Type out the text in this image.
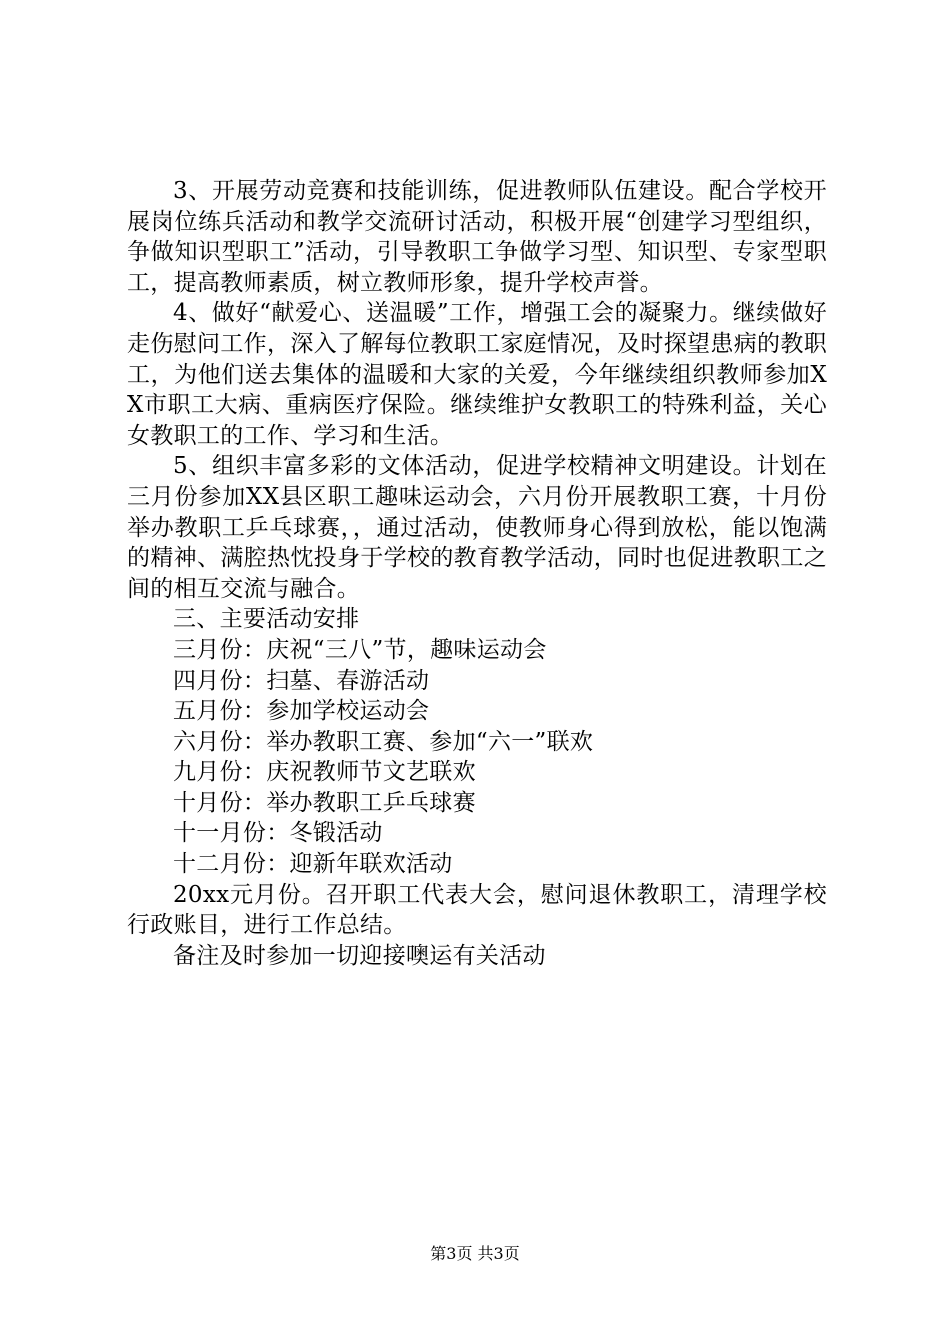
3、开展劳动竞赛和技能训练，促进教师队伍建设。配合学校开展岗位练兵活动和教学交流研讨活动，积极开展“创建学习型组织，争做知识型职工”活动，引导教职工争做学习型、知识型、专家型职工，提高教师素质，树立教师形象，提升学校声誉。

4、做好“献爱心、送温暖”工作，增强工会的凝聚力。继续做好走伤慰问工作，深入了解每位教职工家庭情况，及时探望患病的教职工，为他们送去集体的温暖和大家的关爱，今年继续组织教师参加XX市职工大病、重病医疗保险。继续维护女教职工的特殊利益，关心女教职工的工作、学习和生活。

5、组织丰富多彩的文体活动，促进学校精神文明建设。计划在三月份参加XX县区职工趣味运动会，六月份开展教职工赛，十月份举办教职工乒乓球赛，，通过活动，使教师身心得到放松，能以饱满的精神、满腔热忱投身于学校的教育教学活动，同时也促进教职工之间的相互交流与融合。

三、主要活动安排

三月份：庆祝“三八”节，趣味运动会

四月份：扫墓、春游活动

五月份：参加学校运动会

六月份：举办教职工赛、参加“六一”联欢

九月份：庆祝教师节文艺联欢

十月份：举办教职工乒乓球赛

十一月份：冬锻活动

十二月份：迎新年联欢活动

20xx元月份。召开职工代表大会，慰问退休教职工，清理学校行政账目，进行工作总结。

备注及时参加一切迎接噢运有关活动

第3页 共3页
